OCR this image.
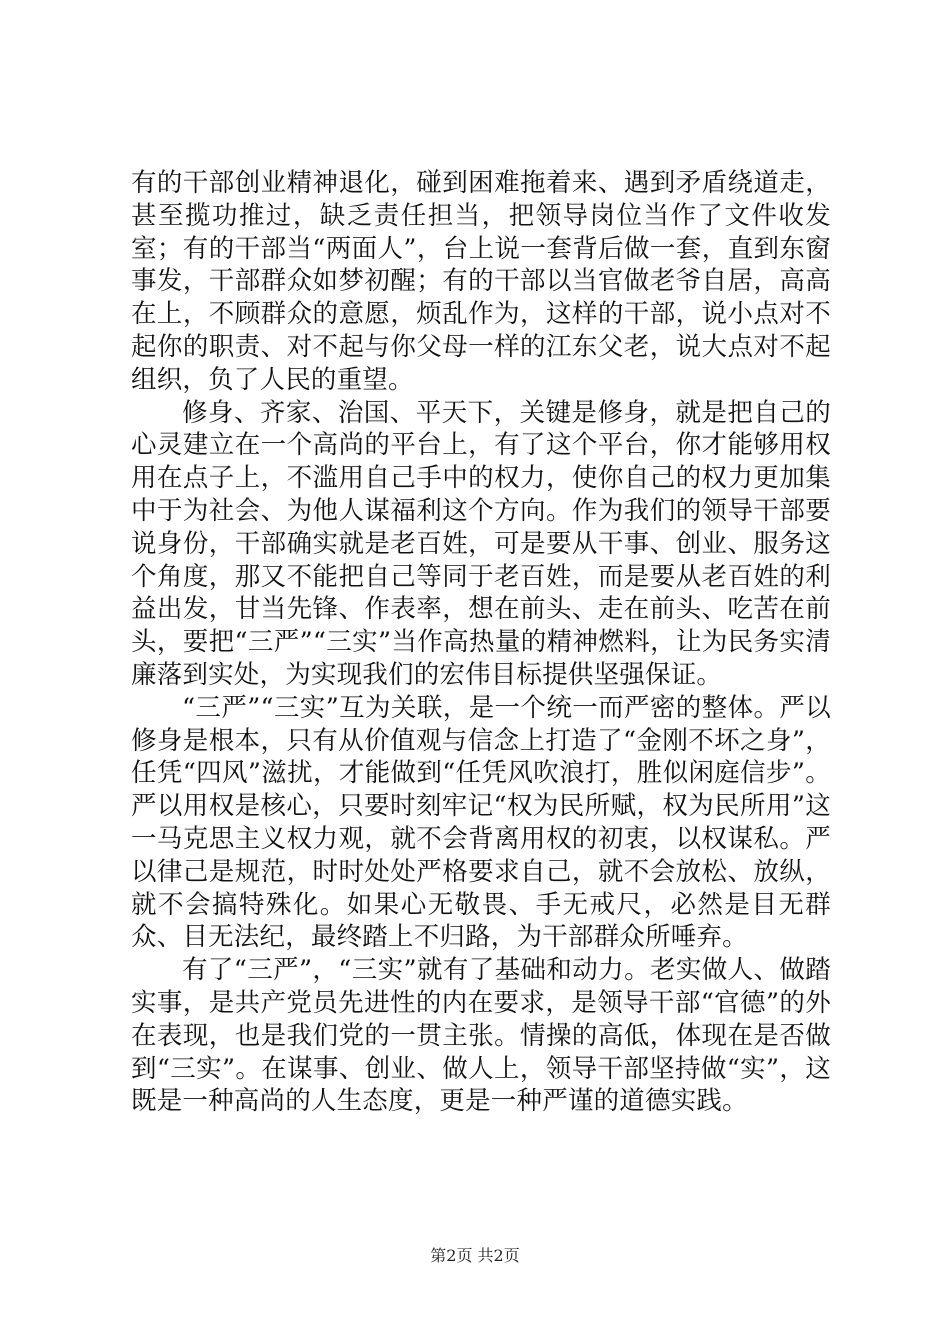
有的干部创业精神退化，碰到困难拖着来、遇到矛盾绕道走，甚至揽功推过，缺乏责任担当，把领导岗位当作了文件收发室；有的干部当“两面人”，台上说一套背后做一套，直到东窗事发，干部群众如梦初醒；有的干部以当官做老爷自居，高高在上，不顾群众的意愿，烦乱作为，这样的干部，说小点对不起你的职责、对不起与你父母一样的江东父老，说大点对不起组织，负了人民的重望。

修身、齐家、治国、平天下，关键是修身，就是把自己的心灵建立在一个高尚的平台上，有了这个平台，你才能够用权用在点子上，不滥用自己手中的权力，使你自己的权力更加集中于为社会、为他人谋福利这个方向。作为我们的领导干部要说身份，干部确实就是老百姓，可是要从干事、创业、服务这个角度，那又不能把自己等同于老百姓，而是要从老百姓的利益出发，甘当先锋、作表率，想在前头、走在前头、吃苦在前头，要把“三严”“三实”当作高热量的精神燃料，让为民务实清廉落到实处，为实现我们的宏伟目标提供坚强保证。

“三严”“三实”互为关联，是一个统一而严密的整体。严以修身是根本，只有从价值观与信念上打造了“金刚不坏之身”，任凭“四风”滋扰，才能做到“任凭风吹浪打，胜似闲庭信步”。严以用权是核心，只要时刻牢记“权为民所赋，权为民所用”这一马克思主义权力观，就不会背离用权的初衷，以权谋私。严以律己是规范，时时处处严格要求自己，就不会放松、放纵，就不会搞特殊化。如果心无敬畏、手无戒尺，必然是目无群众、目无法纪，最终踏上不归路，为干部群众所唾弃。

有了“三严”，“三实”就有了基础和动力。老实做人、做踏实事，是共产党员先进性的内在要求，是领导干部“官德”的外在表现，也是我们党的一贯主张。情操的高低，体现在是否做到“三实”。在谋事、创业、做人上，领导干部坚持做“实”，这既是一种高尚的人生态度，更是一种严谨的道德实践。

第2页 共2页
